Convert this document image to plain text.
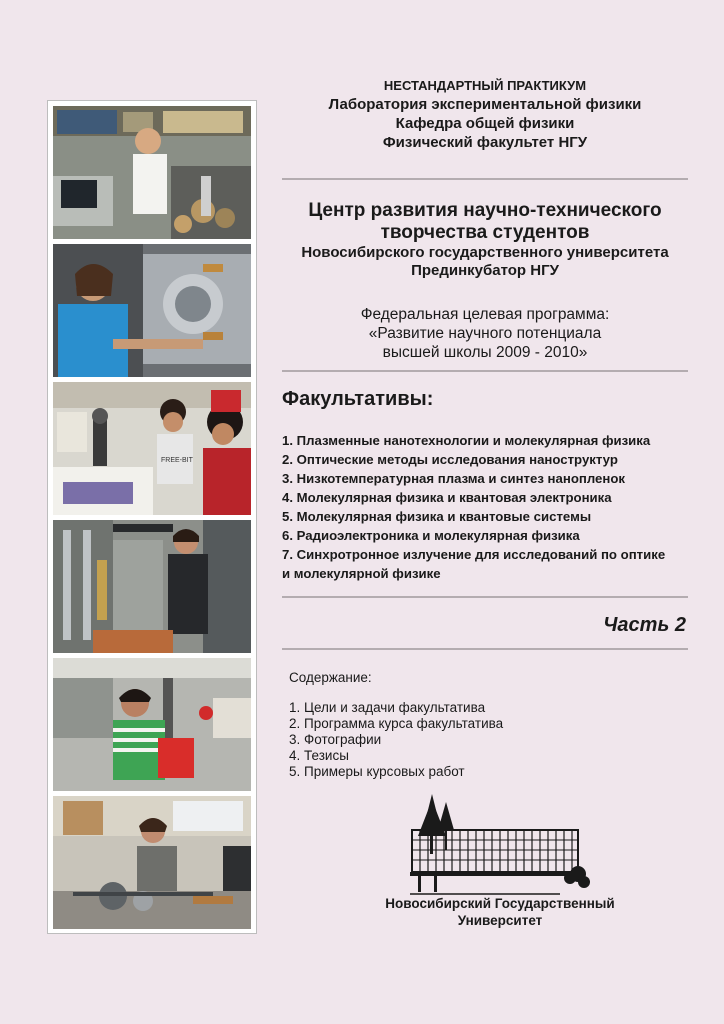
FREE-BIT
НЕСТАНДАРТНЫЙ ПРАКТИКУМ
Лаборатория экспериментальной физики
Кафедра общей физики
Физический факультет НГУ
Центр развития научно-технического
творчества студентов
Новосибирского государственного университета
Прединкубатор НГУ
Федеральная целевая программа:
«Развитие научного потенциала
высшей школы 2009 - 2010»
Факультативы:
1. Плазменные нанотехнологии и молекулярная физика
2. Оптические методы исследования наноструктур
3. Низкотемпературная плазма и синтез нанопленок
4. Молекулярная физика и квантовая электроника
5. Молекулярная физика и квантовые системы
6. Радиоэлектроника и молекулярная физика
7. Синхротронное излучение для исследований по оптике
и молекулярной физике
Часть 2
Содержание:
1. Цели и задачи факультатива
2. Программа курса факультатива
3. Фотографии
4. Тезисы
5. Примеры курсовых работ
Новосибирский Государственный
Университет
